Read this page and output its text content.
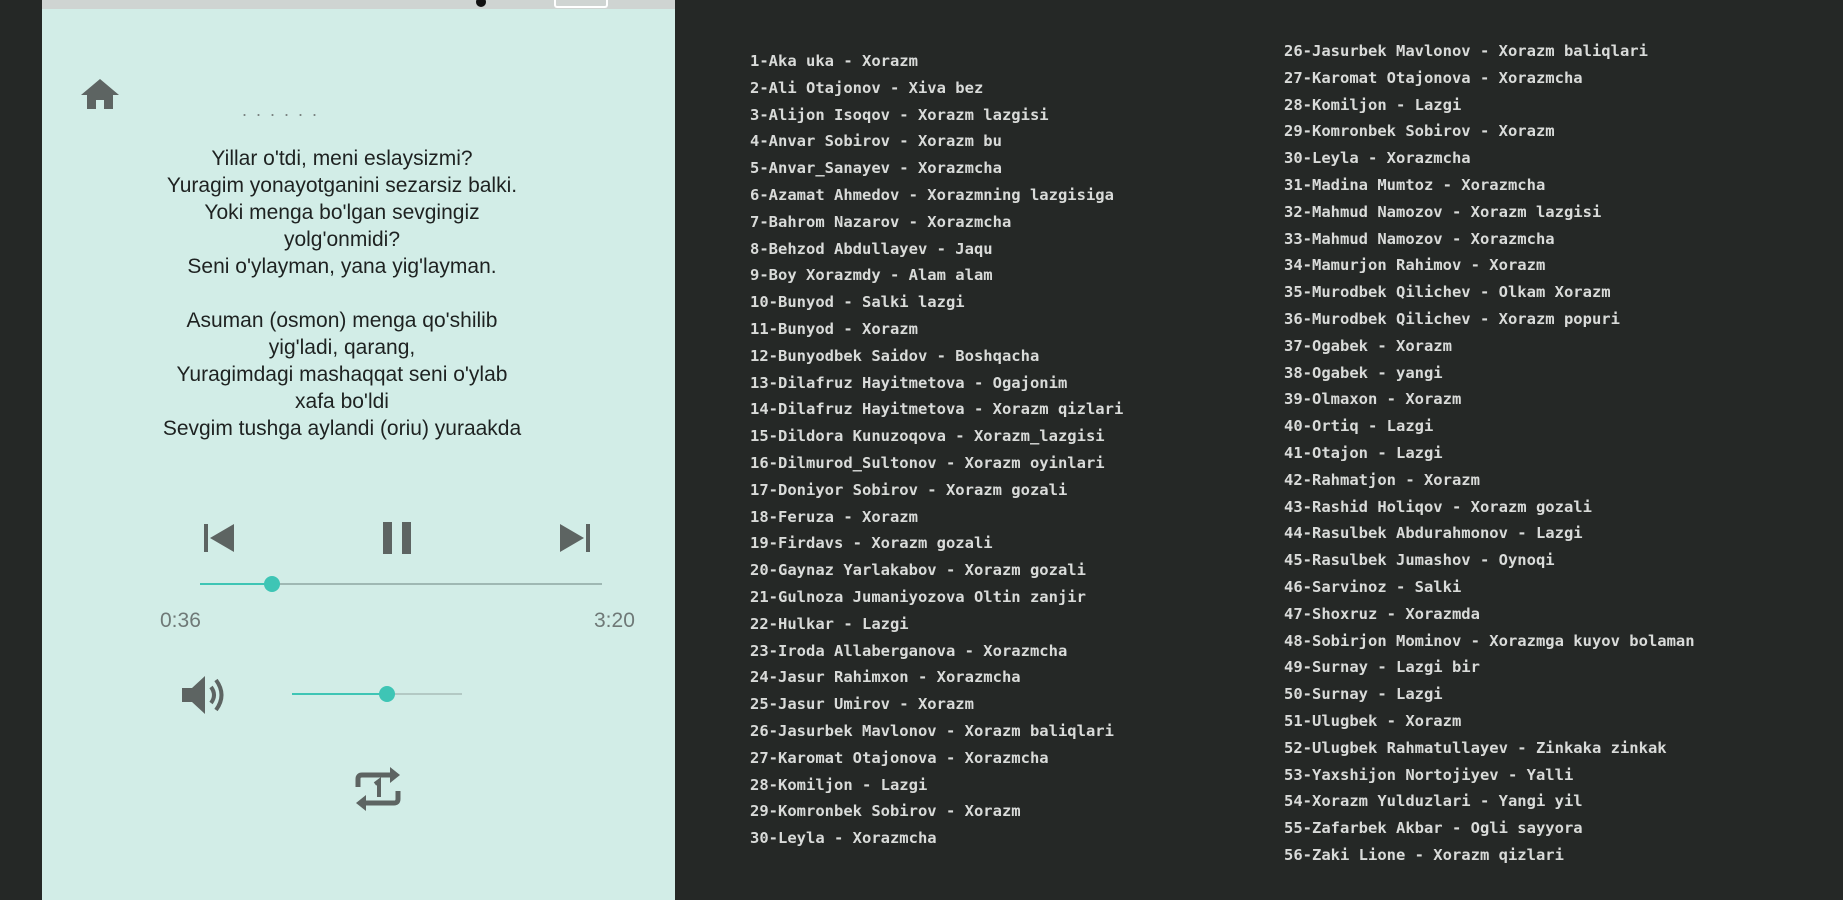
. . . . . .
Yillar o'tdi, meni eslaysizmi?
Yuragim yonayotganini sezarsiz balki.
Yoki menga bo'lgan sevgingiz
yolg'onmidi?
Seni o'ylayman, yana yig'layman.

Asuman (osmon) menga qo'shilib
yig'ladi, qarang,
Yuragimdagi mashaqqat seni o'ylab
xafa bo'ldi
Sevgim tushga aylandi (oriu) yuraakda
0:36	3:20
1-Aka uka - Xorazm
2-Ali Otajonov - Xiva bez
3-Alijon Isoqov - Xorazm lazgisi
4-Anvar Sobirov - Xorazm bu
5-Anvar_Sanayev - Xorazmcha
6-Azamat Ahmedov - Xorazmning lazgisiga
7-Bahrom Nazarov - Xorazmcha
8-Behzod Abdullayev - Jaqu
9-Boy Xorazmdy - Alam alam
10-Bunyod - Salki lazgi
11-Bunyod - Xorazm
12-Bunyodbek Saidov - Boshqacha
13-Dilafruz Hayitmetova - Ogajonim
14-Dilafruz Hayitmetova - Xorazm qizlari
15-Dildora Kunuzoqova - Xorazm_lazgisi
16-Dilmurod_Sultonov - Xorazm oyinlari
17-Doniyor Sobirov - Xorazm gozali
18-Feruza - Xorazm
19-Firdavs - Xorazm gozali
20-Gaynaz Yarlakabov - Xorazm gozali
21-Gulnoza Jumaniyozova Oltin zanjir
22-Hulkar - Lazgi
23-Iroda Allaberganova - Xorazmcha
24-Jasur Rahimxon - Xorazmcha
25-Jasur Umirov - Xorazm
26-Jasurbek Mavlonov - Xorazm baliqlari
27-Karomat Otajonova - Xorazmcha
28-Komiljon - Lazgi
29-Komronbek Sobirov - Xorazm
30-Leyla - Xorazmcha
26-Jasurbek Mavlonov - Xorazm baliqlari
27-Karomat Otajonova - Xorazmcha
28-Komiljon - Lazgi
29-Komronbek Sobirov - Xorazm
30-Leyla - Xorazmcha
31-Madina Mumtoz - Xorazmcha
32-Mahmud Namozov - Xorazm lazgisi
33-Mahmud Namozov - Xorazmcha
34-Mamurjon Rahimov - Xorazm
35-Murodbek Qilichev - Olkam Xorazm
36-Murodbek Qilichev - Xorazm popuri
37-Ogabek - Xorazm
38-Ogabek - yangi
39-Olmaxon - Xorazm
40-Ortiq - Lazgi
41-Otajon - Lazgi
42-Rahmatjon - Xorazm
43-Rashid Holiqov - Xorazm gozali
44-Rasulbek Abdurahmonov - Lazgi
45-Rasulbek Jumashov - Oynoqi
46-Sarvinoz - Salki
47-Shoxruz - Xorazmda
48-Sobirjon Mominov - Xorazmga kuyov bolaman
49-Surnay - Lazgi bir
50-Surnay - Lazgi
51-Ulugbek - Xorazm
52-Ulugbek Rahmatullayev - Zinkaka zinkak
53-Yaxshijon Nortojiyev - Yalli
54-Xorazm Yulduzlari - Yangi yil
55-Zafarbek Akbar - Ogli sayyora
56-Zaki Lione - Xorazm qizlari
